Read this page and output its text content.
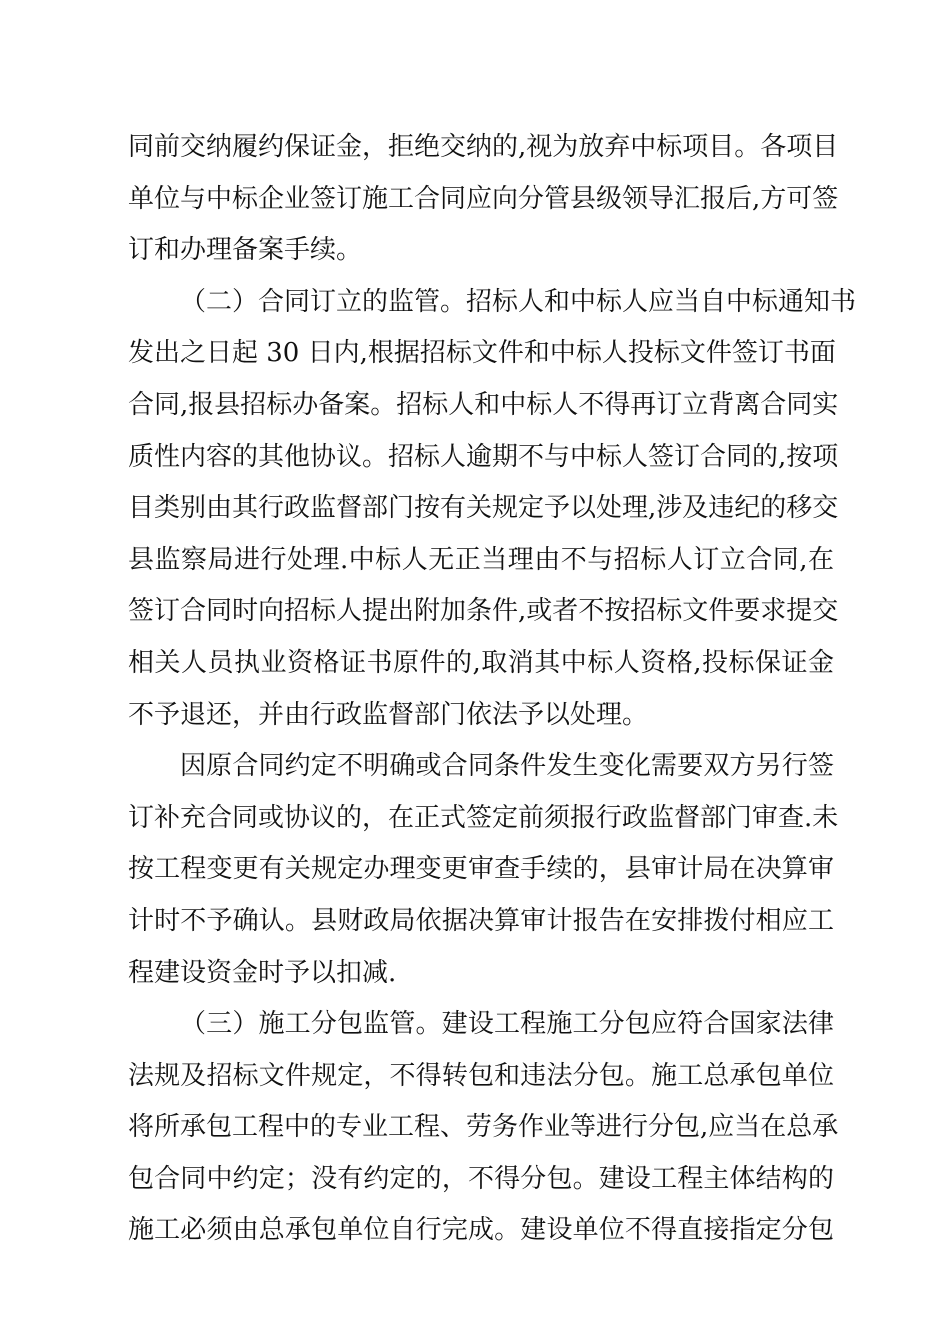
同前交纳履约保证金，拒绝交纳的,视为放弃中标项目。各项目
单位与中标企业签订施工合同应向分管县级领导汇报后,方可签
订和办理备案手续。
（二）合同订立的监管。招标人和中标人应当自中标通知书
发出之日起 30 日内,根据招标文件和中标人投标文件签订书面
合同,报县招标办备案。招标人和中标人不得再订立背离合同实
质性内容的其他协议。招标人逾期不与中标人签订合同的,按项
目类别由其行政监督部门按有关规定予以处理,涉及违纪的移交
县监察局进行处理.中标人无正当理由不与招标人订立合同,在
签订合同时向招标人提出附加条件,或者不按招标文件要求提交
相关人员执业资格证书原件的,取消其中标人资格,投标保证金
不予退还，并由行政监督部门依法予以处理。
因原合同约定不明确或合同条件发生变化需要双方另行签
订补充合同或协议的，在正式签定前须报行政监督部门审查.未
按工程变更有关规定办理变更审查手续的，县审计局在决算审
计时不予确认。县财政局依据决算审计报告在安排拨付相应工
程建设资金时予以扣减.
（三）施工分包监管。建设工程施工分包应符合国家法律
法规及招标文件规定，不得转包和违法分包。施工总承包单位
将所承包工程中的专业工程、劳务作业等进行分包,应当在总承
包合同中约定；没有约定的，不得分包。建设工程主体结构的
施工必须由总承包单位自行完成。建设单位不得直接指定分包
